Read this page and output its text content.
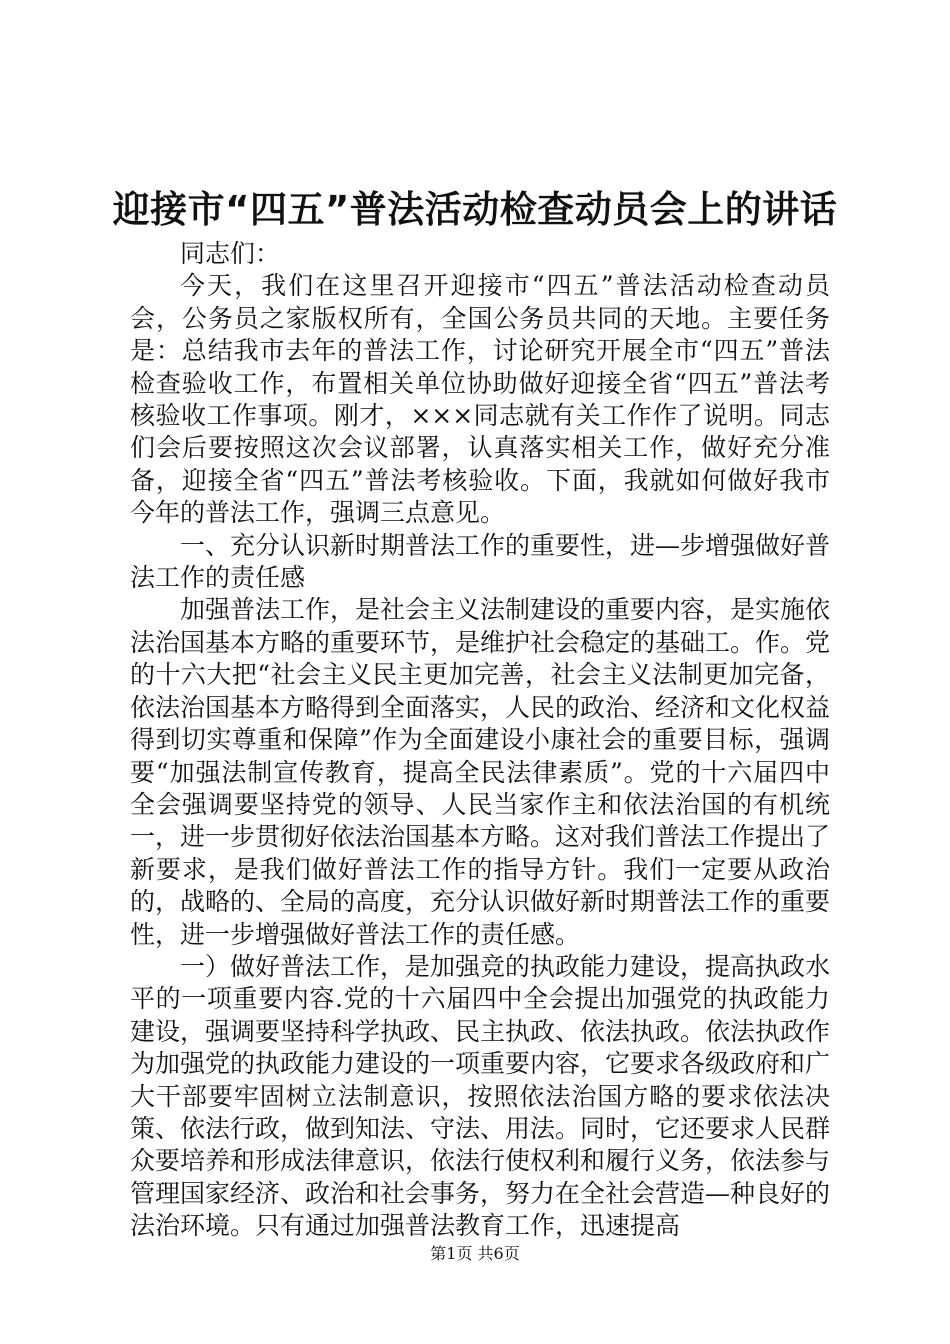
迎接市“四五”普法活动检查动员会上的讲话

同志们：

今天，我们在这里召开迎接市“四五”普法活动检查动员会，公务员之家版权所有，全国公务员共同的天地。主要任务是：总结我市去年的普法工作，讨论研究开展全市“四五”普法检查验收工作，布置相关单位协助做好迎接全省“四五”普法考核验收工作事项。刚才，×××同志就有关工作作了说明。同志们会后要按照这次会议部署，认真落实相关工作，做好充分准备，迎接全省“四五”普法考核验收。下面，我就如何做好我市今年的普法工作，强调三点意见。

一、充分认识新时期普法工作的重要性，进—步增强做好普法工作的责任感

加强普法工作，是社会主义法制建设的重要内容，是实施依法治国基本方略的重要环节，是维护社会稳定的基础工。作。党的十六大把“社会主义民主更加完善，社会主义法制更加完备，依法治国基本方略得到全面落实，人民的政治、经济和文化权益得到切实尊重和保障”作为全面建设小康社会的重要目标，强调要“加强法制宣传教育，提高全民法律素质”。党的十六届四中全会强调要坚持党的领导、人民当家作主和依法治国的有机统一，进一步贯彻好依法治国基本方略。这对我们普法工作提出了新要求，是我们做好普法工作的指导方针。我们一定要从政治的，战略的、全局的高度，充分认识做好新时期普法工作的重要性，进一步增强做好普法工作的责任感。

一）做好普法工作，是加强竞的执政能力建设，提高执政水平的一项重要内容.党的十六届四中全会提出加强党的执政能力建设，强调要坚持科学执政、民主执政、依法执政。依法执政作为加强党的执政能力建设的一项重要内容，它要求各级政府和广大干部要牢固树立法制意识，按照依法治国方略的要求依法决策、依法行政，做到知法、守法、用法。同时，它还要求人民群众要培养和形成法律意识，依法行使权利和履行义务，依法参与管理国家经济、政治和社会事务，努力在全社会营造—种良好的法治环境。只有通过加强普法教育工作，迅速提高

第1页 共6页
